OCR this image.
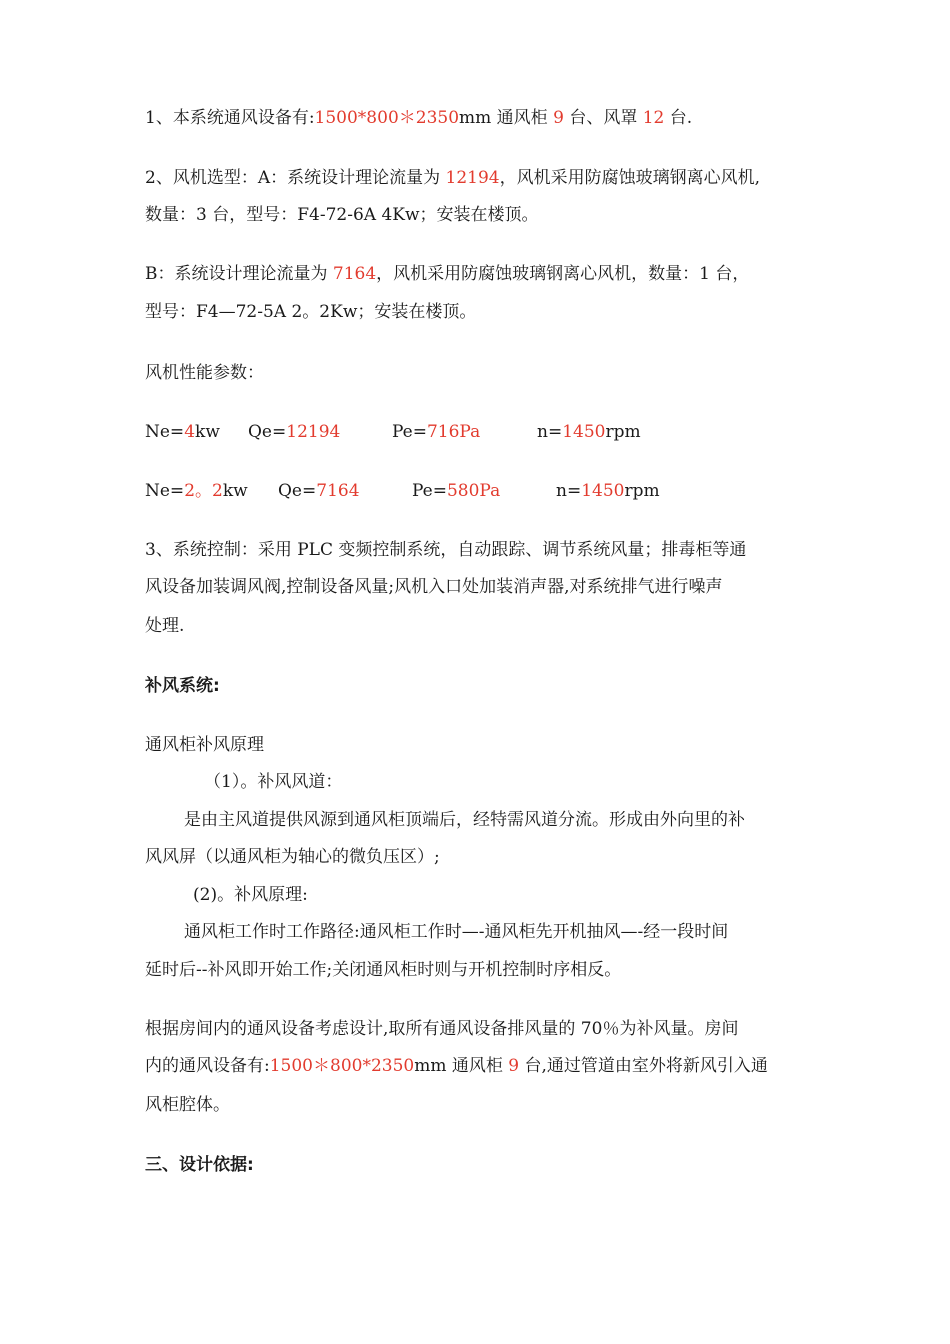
1、本系统通风设备有:1500*800＊2350mm 通风柜 9 台、风罩 12 台.
2、风机选型：A：系统设计理论流量为 12194，风机采用防腐蚀玻璃钢离心风机,
数量：3 台，型号：F4-72-6A 4Kw；安装在楼顶。
B：系统设计理论流量为 7164，风机采用防腐蚀玻璃钢离心风机，数量：1 台，
型号：F4—72-5A 2。2Kw；安装在楼顶。
风机性能参数：
Ne=4kw Qe=12194	Pe=716Pa	n=1450rpm
Ne=2。2kw Qe=7164	Pe=580Pa	n=1450rpm
3、系统控制：采用 PLC 变频控制系统，自动跟踪、调节系统风量；排毒柜等通
风设备加装调风阀,控制设备风量;风机入口处加装消声器,对系统排气进行噪声
处理.
补风系统:
通风柜补风原理
（1）。补风风道：
是由主风道提供风源到通风柜顶端后，经特需风道分流。形成由外向里的补
风风屏（以通风柜为轴心的微负压区）;
(2)。补风原理:
通风柜工作时工作路径:通风柜工作时—-通风柜先开机抽风—-经一段时间
延时后--补风即开始工作;关闭通风柜时则与开机控制时序相反。
根据房间内的通风设备考虑设计,取所有通风设备排风量的 70％为补风量。房间
内的通风设备有:1500＊800*2350mm 通风柜 9 台,通过管道由室外将新风引入通
风柜腔体。
三、设计依据:
